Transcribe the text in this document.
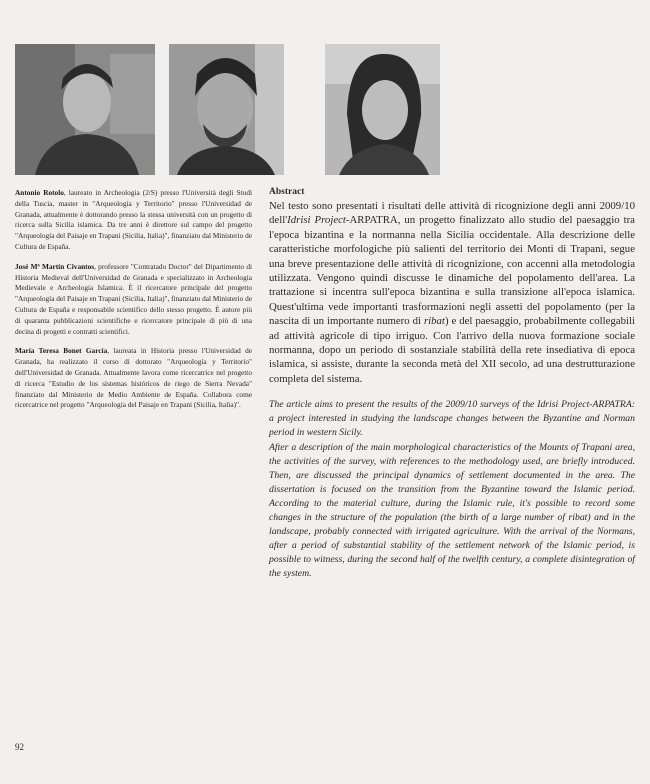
Antonio Rotolo, laureato in Archeologia (2/S) presso l'Università degli Studi della Tuscia, master in "Arqueología y Territorio" presso l'Universidad de Granada, attualmente è dottorando presso la stessa università con un progetto di ricerca sulla Sicilia islamica. Da tre anni è direttore sul campo del progetto "Arqueología del Paisaje en Trapani (Sicilia, Italia)", finanziato dal Ministerio de Cultura de España.

José Mª Martín Civantos, professore "Contratado Doctor" del Dipartimento di Historia Medieval dell'Universidad de Granada e specializzato in Archeologia Medievale e Archeologia Islamica. È il ricercatore principale del progetto "Arqueología del Paisaje en Trapani (Sicilia, Italia)", finanziato dal Ministerio de Cultura de España e responsabile scientifico dello stesso progetto. È autore più di quaranta pubblicazioni scientifiche e ricercatore principale di più di una decina di progetti e contratti scientifici.

María Teresa Bonet García, laureata in Historia presso l'Universidad de Granada, ha realizzato il corso di dottorato "Arqueología y Territorio" dell'Universidad de Granada. Attualmente lavora come ricercatrice nel progetto di ricerca "Estudio de los sistemas históricos de riego de Sierra Nevada" finanziato dal Ministerio de Medio Ambiente de España. Collabora come ricercatrice nel progetto "Arqueología del Paisaje en Trapani (Sicilia, Italia)".

Abstract

Nel testo sono presentati i risultati delle attività di ricognizione degli anni 2009/10 dell'Idrisi Project-ARPATRA, un progetto finalizzato allo studio del paesaggio tra l'epoca bizantina e la normanna nella Sicilia occidentale. Alla descrizione delle caratteristiche morfologiche più salienti del territorio dei Monti di Trapani, segue una breve presentazione delle attività di ricognizione, con accenni alla metodologia utilizzata. Vengono quindi discusse le dinamiche del popolamento dell'area. La trattazione si incentra sull'epoca bizantina e sulla transizione all'epoca islamica. Quest'ultima vede importanti trasformazioni negli assetti del popolamento (per la nascita di un importante numero di ribat) e del paesaggio, probabilmente collegabili ad attività agricole di tipo irriguo. Con l'arrivo della nuova formazione sociale normanna, dopo un periodo di sostanziale stabilità della rete insediativa di epoca islamica, si assiste, durante la seconda metà del XII secolo, ad una destrutturazione completa del sistema.

The article aims to present the results of the 2009/10 surveys of the Idrisi Project-ARPATRA: a project interested in studying the landscape changes between the Byzantine and Norman period in western Sicily.
After a description of the main morphological characteristics of the Mounts of Trapani area, the activities of the survey, with references to the methodology used, are briefly introduced. Then, are discussed the principal dynamics of settlement documented in the area. The dissertation is focused on the transition from the Byzantine toward the Islamic period. According to the material culture, during the Islamic rule, it's possible to record some changes in the structure of the population (the birth of a large number of ribat) and in the landscape, probably connected with irrigated agriculture. With the arrival of the Normans, after a period of substantial stability of the settlement network of the Islamic period, is possible to witness, during the second half of the twelfth century, a complete disintegration of the system.

92
